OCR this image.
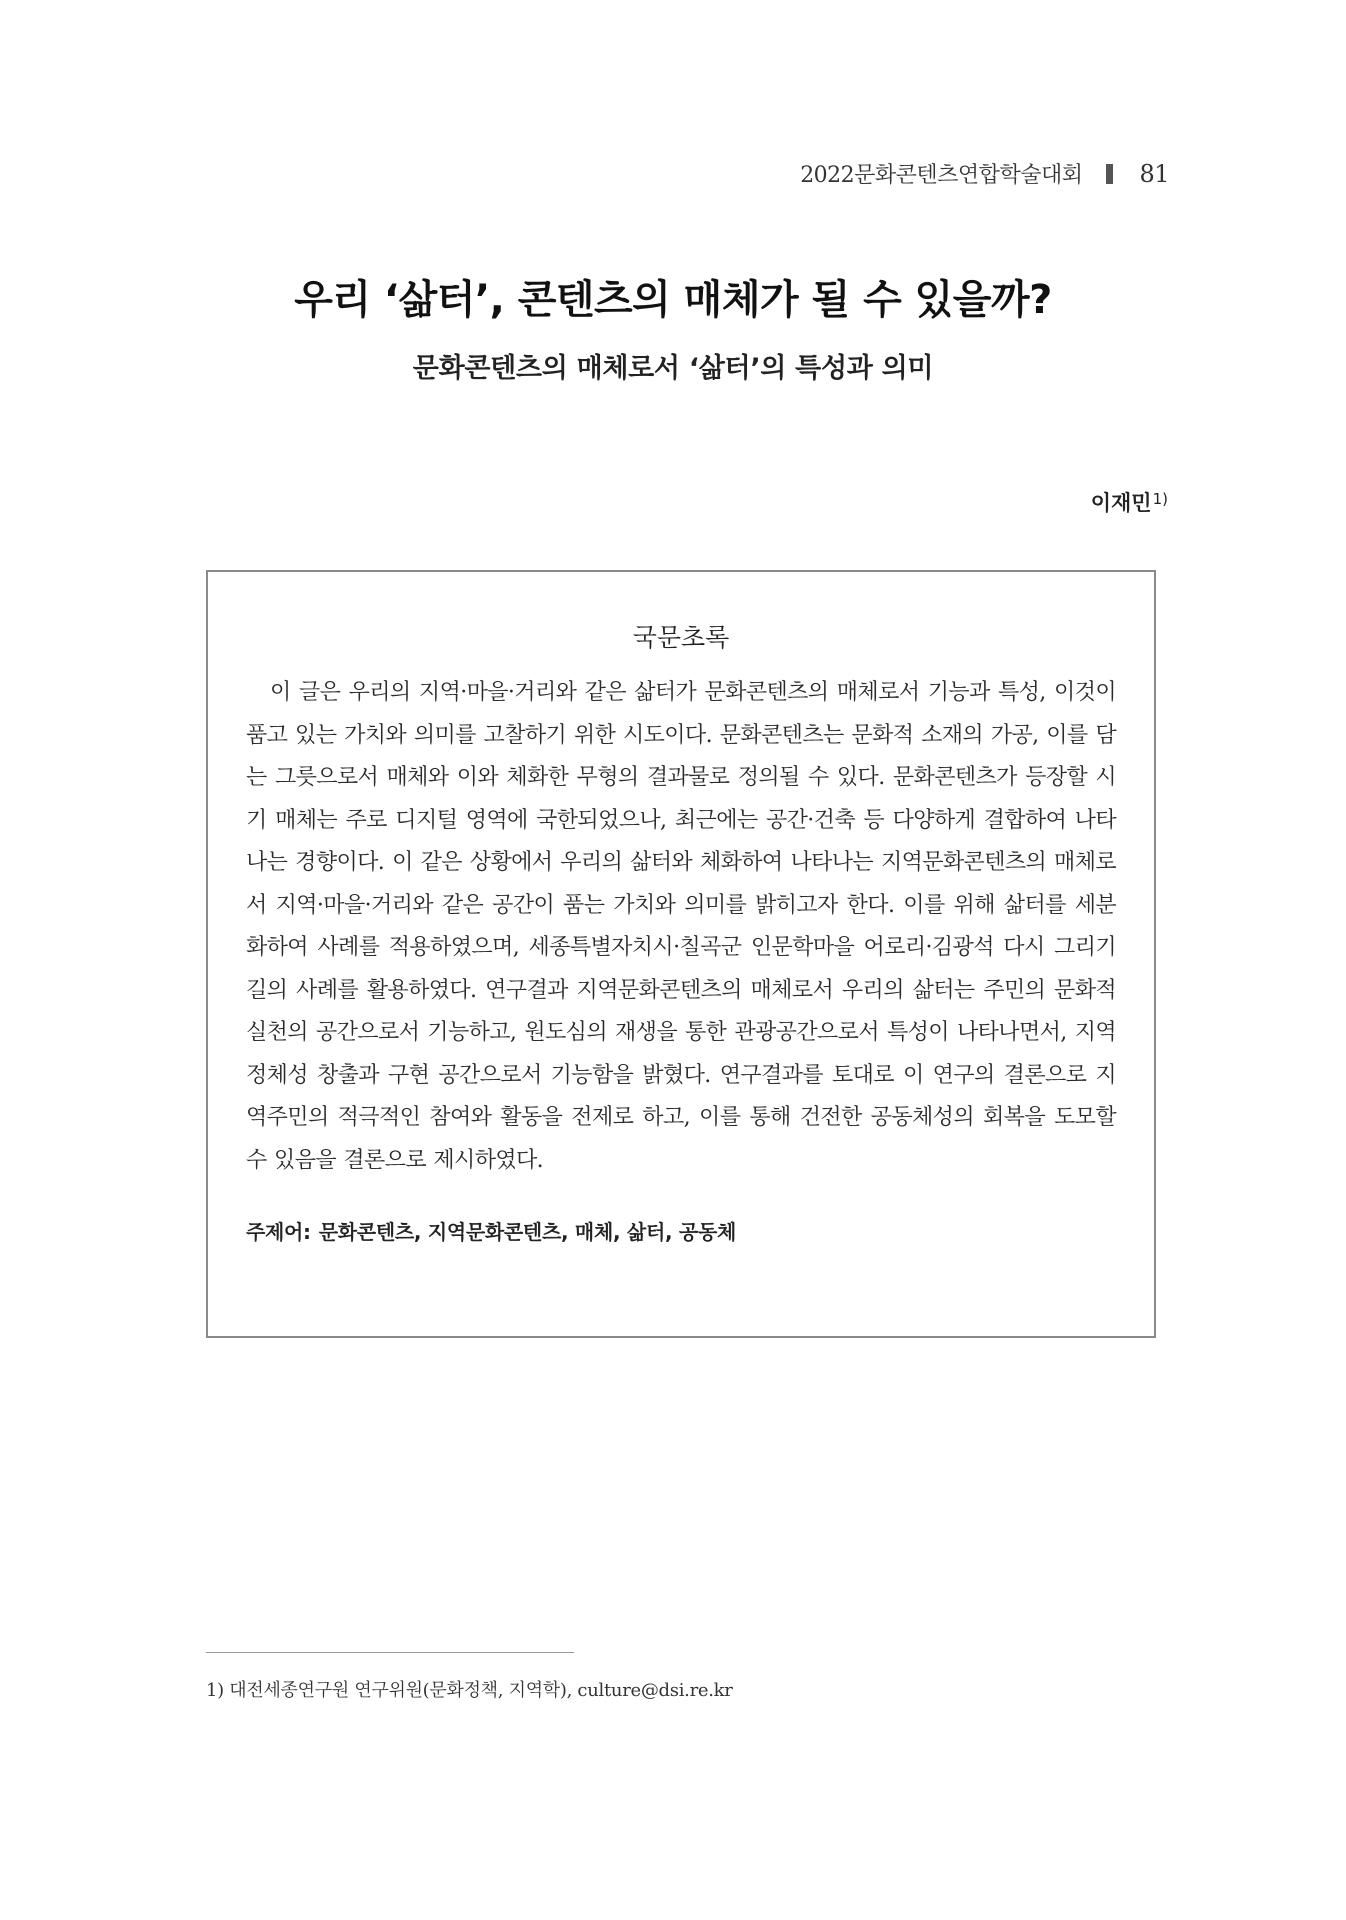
2022문화콘텐츠연합학술대회 81
우리 ‘삶터’, 콘텐츠의 매체가 될 수 있을까?
문화콘텐츠의 매체로서 ‘삶터’의 특성과 의미
이재민$^{1)}$
국문초록

이 글은 우리의 지역·마을·거리와 같은 삶터가 문화콘텐츠의 매체로서 기능과 특성, 이것이 품고 있는 가치와 의미를 고찰하기 위한 시도이다. 문화콘텐츠는 문화적 소재의 가공, 이를 담는 그릇으로서 매체와 이와 체화한 무형의 결과물로 정의될 수 있다. 문화콘텐츠가 등장할 시기 매체는 주로 디지털 영역에 국한되었으나, 최근에는 공간·건축 등 다양하게 결합하여 나타나는 경향이다. 이 같은 상황에서 우리의 삶터와 체화하여 나타나는 지역문화콘텐츠의 매체로서 지역·마을·거리와 같은 공간이 품는 가치와 의미를 밝히고자 한다. 이를 위해 삶터를 세분화하여 사례를 적용하였으며, 세종특별자치시·칠곡군 인문학마을 어로리·김광석 다시 그리기 길의 사례를 활용하였다. 연구결과 지역문화콘텐츠의 매체로서 우리의 삶터는 주민의 문화적 실천의 공간으로서 기능하고, 원도심의 재생을 통한 관광공간으로서 특성이 나타나면서, 지역정체성 창출과 구현 공간으로서 기능함을 밝혔다. 연구결과를 토대로 이 연구의 결론으로 지역주민의 적극적인 참여와 활동을 전제로 하고, 이를 통해 건전한 공동체성의 회복을 도모할 수 있음을 결론으로 제시하였다.

주제어: 문화콘텐츠, 지역문화콘텐츠, 매체, 삶터, 공동체
1) 대전세종연구원 연구위원(문화정책, 지역학), culture@dsi.re.kr
